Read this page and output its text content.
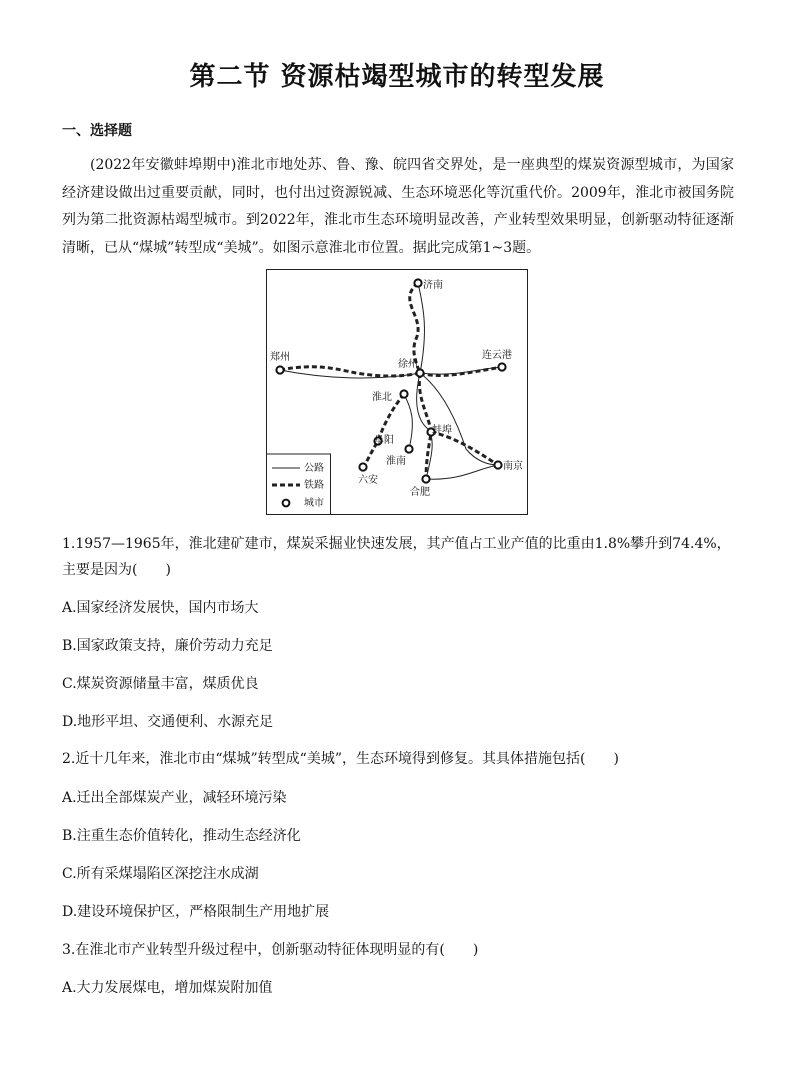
第二节 资源枯竭型城市的转型发展
一、选择题
(2022年安徽蚌埠期中)淮北市地处苏、鲁、豫、皖四省交界处，是一座典型的煤炭资源型城市，为国家经济建设做出过重要贡献，同时，也付出过资源锐减、生态环境恶化等沉重代价。2009年，淮北市被国务院列为第二批资源枯竭型城市。到2022年，淮北市生态环境明显改善，产业转型效果明显，创新驱动特征逐渐清晰，已从“煤城”转型成“美城”。如图示意淮北市位置。据此完成第1~3题。
济南
郑州
徐州
连云港
淮北
蚌埠
阜阳
淮南	南京
六安
合肥
公路
铁路
城市
1.1957—1965年，淮北建矿建市，煤炭采掘业快速发展，其产值占工业产值的比重由1.8%攀升到74.4%，主要是因为(　　)
A.国家经济发展快，国内市场大
B.国家政策支持，廉价劳动力充足
C.煤炭资源储量丰富，煤质优良
D.地形平坦、交通便利、水源充足
2.近十几年来，淮北市由“煤城”转型成“美城”，生态环境得到修复。其具体措施包括(　　)
A.迁出全部煤炭产业，减轻环境污染
B.注重生态价值转化，推动生态经济化
C.所有采煤塌陷区深挖注水成湖
D.建设环境保护区，严格限制生产用地扩展
3.在淮北市产业转型升级过程中，创新驱动特征体现明显的有(　　)
A.大力发展煤电，增加煤炭附加值
